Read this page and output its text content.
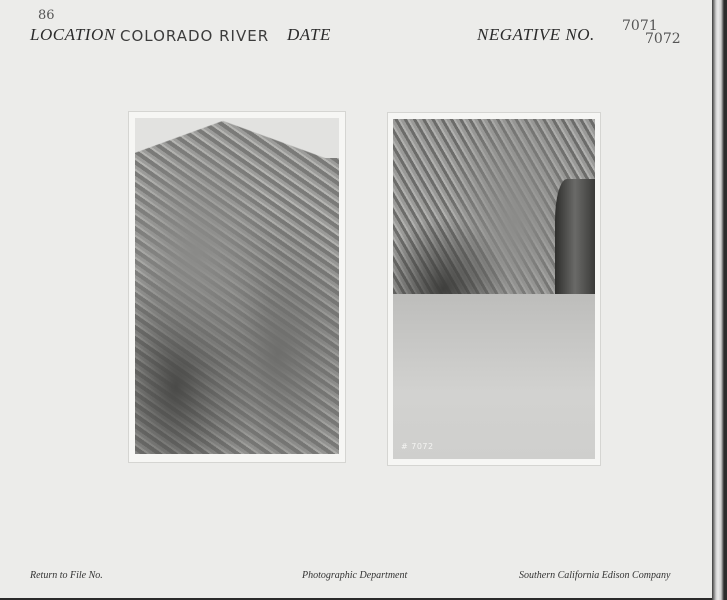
86
LOCATION COLORADO RIVER DATE	NEGATIVE NO. 7071
7072
# 7072
Return to File No.	Photographic Department	Southern California Edison Company
